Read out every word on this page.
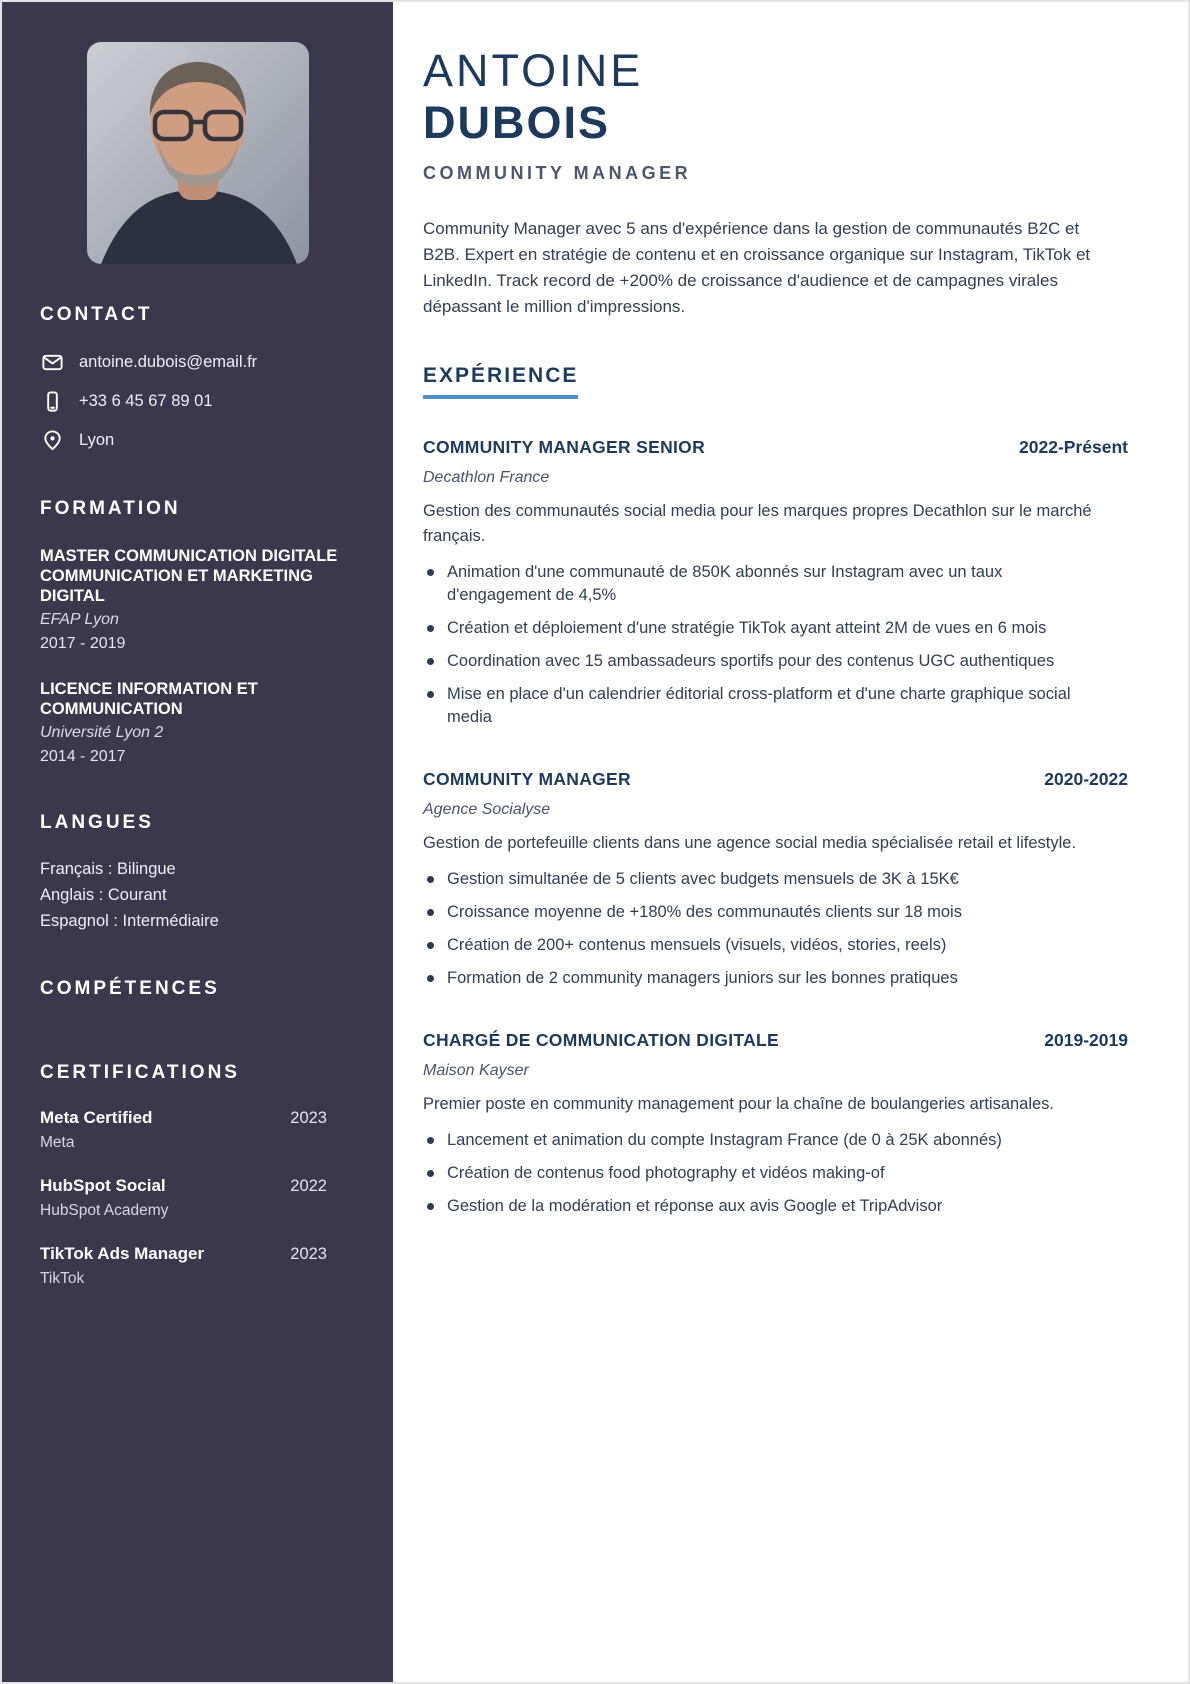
CONTACT
antoine.dubois@email.fr
+33 6 45 67 89 01
Lyon
FORMATION
MASTER COMMUNICATION DIGITALE COMMUNICATION ET MARKETING DIGITAL
EFAP Lyon
2017 - 2019
LICENCE INFORMATION ET COMMUNICATION
Université Lyon 2
2014 - 2017
LANGUES
Français : Bilingue
Anglais : Courant
Espagnol : Intermédiaire
COMPÉTENCES
CERTIFICATIONS
Meta Certified	2023
Meta
HubSpot Social	2022
HubSpot Academy
TikTok Ads Manager	2023
TikTok
ANTOINE
DUBOIS
COMMUNITY MANAGER

Community Manager avec 5 ans d'expérience dans la gestion de communautés B2C et B2B. Expert en stratégie de contenu et en croissance organique sur Instagram, TikTok et LinkedIn. Track record de +200% de croissance d'audience et de campagnes virales dépassant le million d'impressions.

EXPÉRIENCE
COMMUNITY MANAGER SENIOR	2022-Présent
Decathlon France

Gestion des communautés social media pour les marques propres Decathlon sur le marché français.

Animation d'une communauté de 850K abonnés sur Instagram avec un taux d'engagement de 4,5%
Création et déploiement d'une stratégie TikTok ayant atteint 2M de vues en 6 mois
Coordination avec 15 ambassadeurs sportifs pour des contenus UGC authentiques
Mise en place d'un calendrier éditorial cross-platform et d'une charte graphique social media
COMMUNITY MANAGER	2020-2022
Agence Socialyse

Gestion de portefeuille clients dans une agence social media spécialisée retail et lifestyle.

Gestion simultanée de 5 clients avec budgets mensuels de 3K à 15K€
Croissance moyenne de +180% des communautés clients sur 18 mois
Création de 200+ contenus mensuels (visuels, vidéos, stories, reels)
Formation de 2 community managers juniors sur les bonnes pratiques
CHARGÉ DE COMMUNICATION DIGITALE	2019-2019
Maison Kayser

Premier poste en community management pour la chaîne de boulangeries artisanales.

Lancement et animation du compte Instagram France (de 0 à 25K abonnés)
Création de contenus food photography et vidéos making-of
Gestion de la modération et réponse aux avis Google et TripAdvisor
